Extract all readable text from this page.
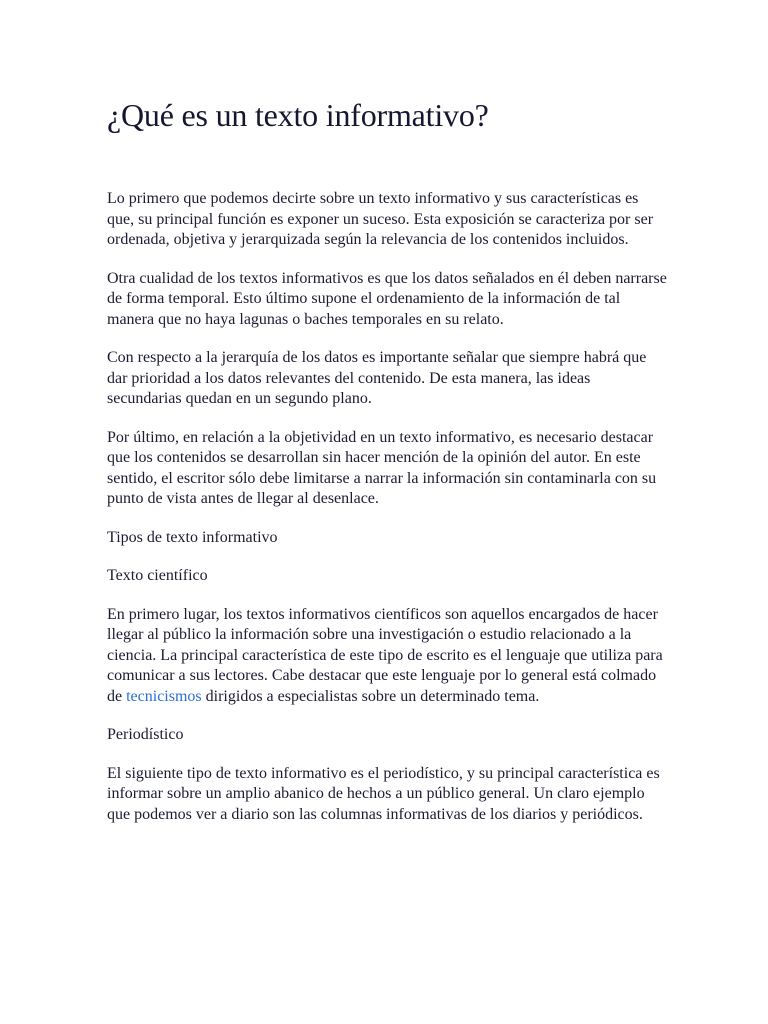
¿Qué es un texto informativo?

Lo primero que podemos decirte sobre un texto informativo y sus características es que, su principal función es exponer un suceso. Esta exposición se caracteriza por ser ordenada, objetiva y jerarquizada según la relevancia de los contenidos incluidos.

Otra cualidad de los textos informativos es que los datos señalados en él deben narrarse de forma temporal. Esto último supone el ordenamiento de la información de tal manera que no haya lagunas o baches temporales en su relato.

Con respecto a la jerarquía de los datos es importante señalar que siempre habrá que dar prioridad a los datos relevantes del contenido. De esta manera, las ideas secundarias quedan en un segundo plano.

Por último, en relación a la objetividad en un texto informativo, es necesario destacar que los contenidos se desarrollan sin hacer mención de la opinión del autor. En este sentido, el escritor sólo debe limitarse a narrar la información sin contaminarla con su punto de vista antes de llegar al desenlace.

Tipos de texto informativo

Texto científico

En primero lugar, los textos informativos científicos son aquellos encargados de hacer llegar al público la información sobre una investigación o estudio relacionado a la ciencia. La principal característica de este tipo de escrito es el lenguaje que utiliza para comunicar a sus lectores. Cabe destacar que este lenguaje por lo general está colmado de tecnicismos dirigidos a especialistas sobre un determinado tema.

Periodístico

El siguiente tipo de texto informativo es el periodístico, y su principal característica es informar sobre un amplio abanico de hechos a un público general. Un claro ejemplo que podemos ver a diario son las columnas informativas de los diarios y periódicos.
